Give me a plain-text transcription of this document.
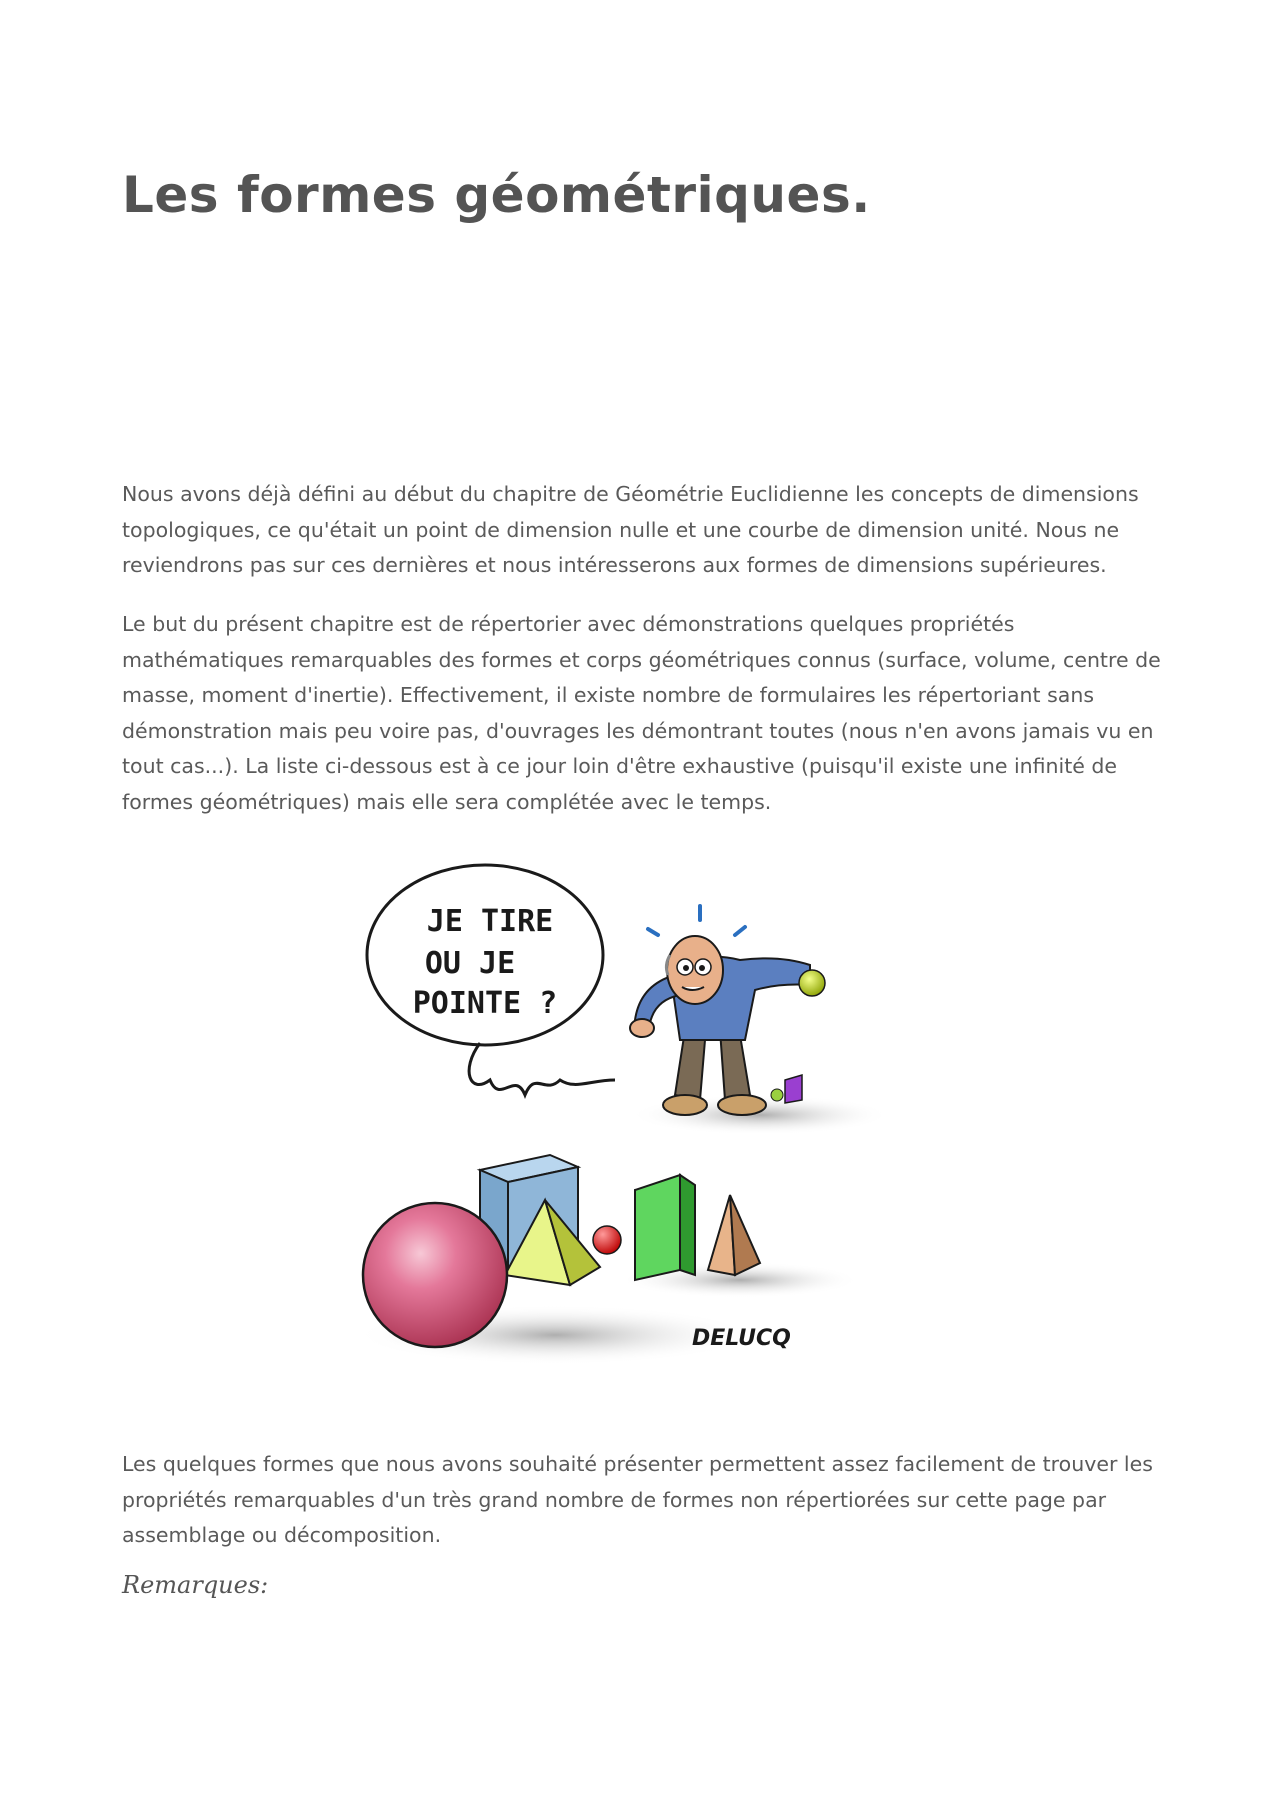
Les formes géométriques.

Nous avons déjà défini au début du chapitre de Géométrie Euclidienne les concepts de dimensions topologiques, ce qu'était un point de dimension nulle et une courbe de dimension unité. Nous ne reviendrons pas sur ces dernières et nous intéresserons aux formes de dimensions supérieures.

Le but du présent chapitre est de répertorier avec démonstrations quelques propriétés mathématiques remarquables des formes et corps géométriques connus (surface, volume, centre de masse, moment d'inertie). Effectivement, il existe nombre de formulaires les répertoriant sans démonstration mais peu voire pas, d'ouvrages les démontrant toutes (nous n'en avons jamais vu en tout cas...). La liste ci-dessous est à ce jour loin d'être exhaustive (puisqu'il existe une infinité de formes géométriques) mais elle sera complétée avec le temps.

JE TIRE
OU JE
POINTE ?
DELUCQ

Les quelques formes que nous avons souhaité présenter permettent assez facilement de trouver les propriétés remarquables d'un très grand nombre de formes non répertiorées sur cette page par assemblage ou décomposition.

Remarques:
